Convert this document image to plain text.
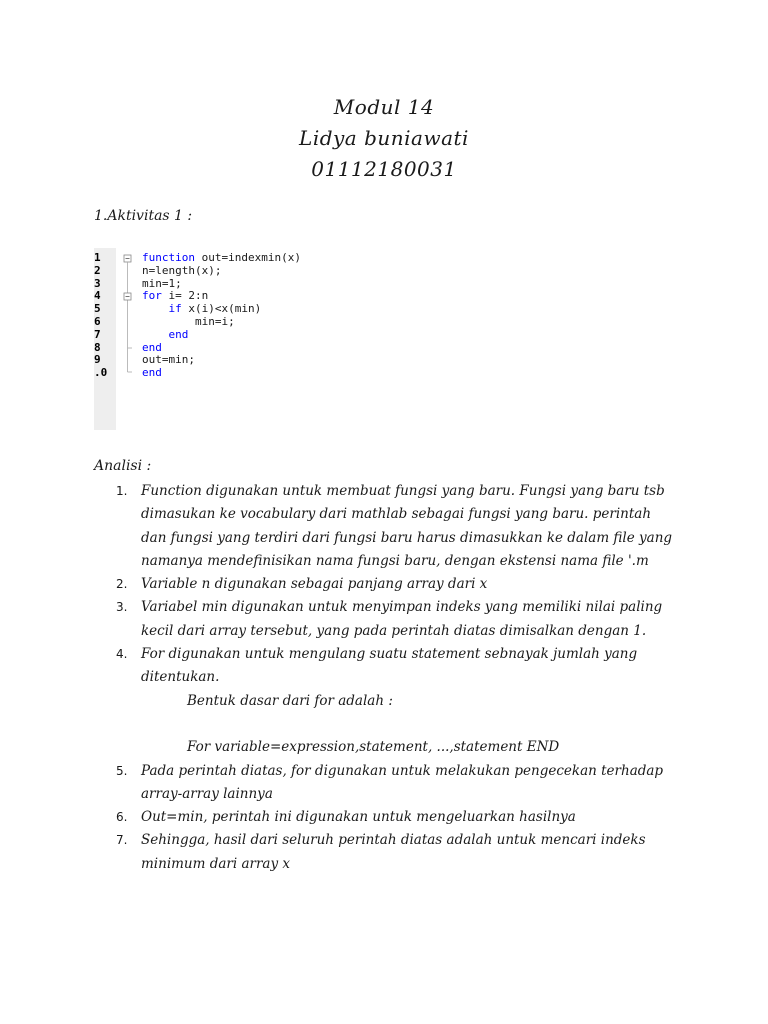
Modul 14
Lidya buniawati
01112180031
1.Aktivitas 1 :
1
2
3
4
5
6
7
8
9
.0
function out=indexmin(x)
n=length(x);
min=1;
for i= 2:n
if x(i)<x(min)
min=i;
end
end
out=min;
end
Analisi :
1. Function digunakan untuk membuat fungsi yang baru. Fungsi yang baru tsb dimasukan ke vocabulary dari mathlab sebagai fungsi yang baru. perintah dan fungsi yang terdiri dari fungsi baru harus dimasukkan ke dalam file yang namanya mendefinisikan nama fungsi baru, dengan ekstensi nama file '.m
2. Variable n digunakan sebagai panjang array dari x
3. Variabel min digunakan untuk menyimpan indeks yang memiliki nilai paling kecil dari array tersebut, yang pada perintah diatas dimisalkan dengan 1.
4. For digunakan untuk mengulang suatu statement sebnayak jumlah yang ditentukan.
Bentuk dasar dari for adalah :

For variable=expression,statement, ...,statement END
5. Pada perintah diatas, for digunakan untuk melakukan pengecekan terhadap array-array lainnya
6. Out=min, perintah ini digunakan untuk mengeluarkan hasilnya
7. Sehingga, hasil dari seluruh perintah diatas adalah untuk mencari indeks minimum dari array x
